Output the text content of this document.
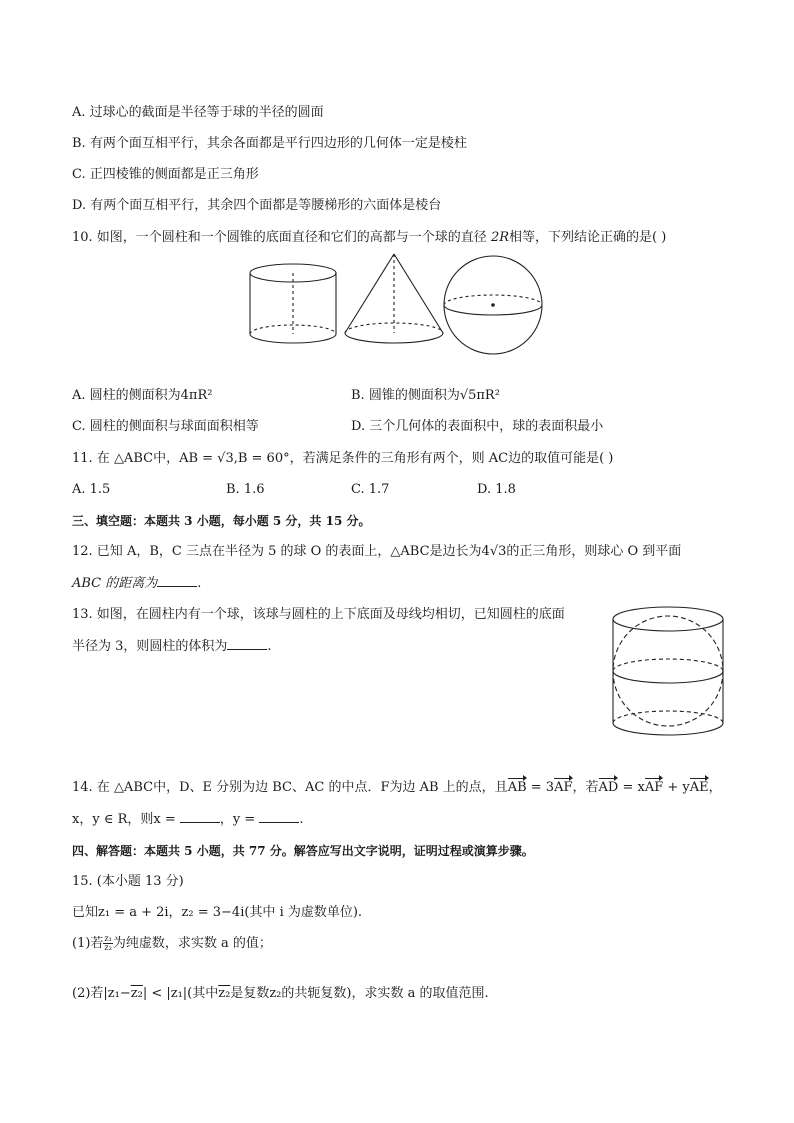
A. 过球心的截面是半径等于球的半径的圆面
B. 有两个面互相平行，其余各面都是平行四边形的几何体一定是棱柱
C. 正四棱锥的侧面都是正三角形
D. 有两个面互相平行，其余四个面都是等腰梯形的六面体是棱台
10. 如图，一个圆柱和一个圆锥的底面直径和它们的高都与一个球的直径 2R相等，下列结论正确的是( )
A. 圆柱的侧面积为4πR²	B. 圆锥的侧面积为√5πR²
C. 圆柱的侧面积与球面面积相等	D. 三个几何体的表面积中，球的表面积最小
11. 在 △ABC中，AB = √3,B = 60°，若满足条件的三角形有两个，则 AC边的取值可能是( )
A. 1.5	B. 1.6	C. 1.7	D. 1.8
三、填空题：本题共 3 小题，每小题 5 分，共 15 分。
12. 已知 A，B，C 三点在半径为 5 的球 O 的表面上，△ABC是边长为4√3的正三角形，则球心 O 到平面
ABC 的距离为	.
13. 如图，在圆柱内有一个球，该球与圆柱的上下底面及母线均相切，已知圆柱的底面
半径为 3，则圆柱的体积为	.
14. 在 △ABC中，D、E 分别为边 BC、AC 的中点．F为边 AB 上的点，且AB = 3AF，若AD = xAF + yAE，
x，y ∈ R，则x =	，y =	.
四、解答题：本题共 5 小题，共 77 分。解答应写出文字说明，证明过程或演算步骤。
15. (本小题 13 分)
已知z₁ = a + 2i，z₂ = 3−4i(其中 i 为虚数单位).
(1)若 $\frac{\text{z₁}}{\text{z₂}}$ 为纯虚数，求实数 a 的值；
(2)若|z₁−z₂| < |z₁|(其中z₂是复数z₂的共轭复数)，求实数 a 的取值范围.
